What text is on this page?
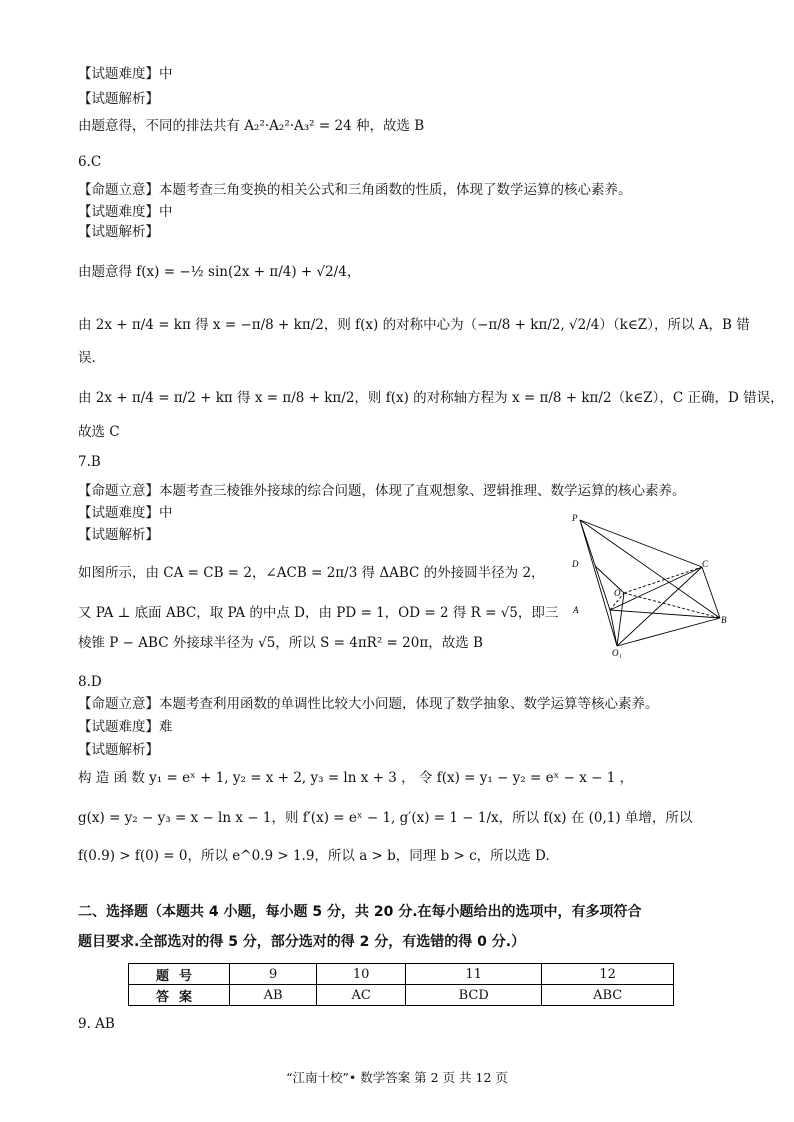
【试题难度】中
【试题解析】
由题意得，不同的排法共有 A₂²·A₂²·A₃² = 24 种，故选 B
6.C
【命题立意】本题考查三角变换的相关公式和三角函数的性质，体现了数学运算的核心素养。
【试题难度】中
【试题解析】
由题意得 f(x) = −½ sin(2x + π/4) + √2/4，
由 2x + π/4 = kπ 得 x = −π/8 + kπ/2，则 f(x) 的对称中心为（−π/8 + kπ/2, √2/4）（k∈Z），所以 A，B 错
误.
由 2x + π/4 = π/2 + kπ 得 x = π/8 + kπ/2，则 f(x) 的对称轴方程为 x = π/8 + kπ/2（k∈Z），C 正确，D 错误，
故选 C
7.B
【命题立意】本题考查三棱锥外接球的综合问题，体现了直观想象、逻辑推理、数学运算的核心素养。
【试题难度】中
【试题解析】
如图所示，由 CA = CB = 2，∠ACB = 2π/3 得 ΔABC 的外接圆半径为 2，
又 PA ⊥ 底面 ABC，取 PA 的中点 D，由 PD = 1，OD = 2 得 R = √5，即三
棱锥 P − ABC 外接球半径为 √5，所以 S = 4πR² = 20π，故选 B
P
D	C
O
A
B
O₁
8.D
【命题立意】本题考查利用函数的单调性比较大小问题，体现了数学抽象、数学运算等核心素养。
【试题难度】难
【试题解析】
构 造 函 数 y₁ = eˣ + 1, y₂ = x + 2, y₃ = ln x + 3 ， 令 f(x) = y₁ − y₂ = eˣ − x − 1 ，
g(x) = y₂ − y₃ = x − ln x − 1，则 f′(x) = eˣ − 1, g′(x) = 1 − 1/x，所以 f(x) 在 (0,1) 单增，所以
f(0.9) > f(0) = 0，所以 e^0.9 > 1.9，所以 a > b，同理 b > c，所以选 D.
二、选择题（本题共 4 小题，每小题 5 分，共 20 分.在每小题给出的选项中，有多项符合
题目要求.全部选对的得 5 分，部分选对的得 2 分，有选错的得 0 分.）
题号	9	10	11	12
答案	AB	AC	BCD	ABC
9. AB
“江南十校”• 数学答案 第 2 页 共 12 页
